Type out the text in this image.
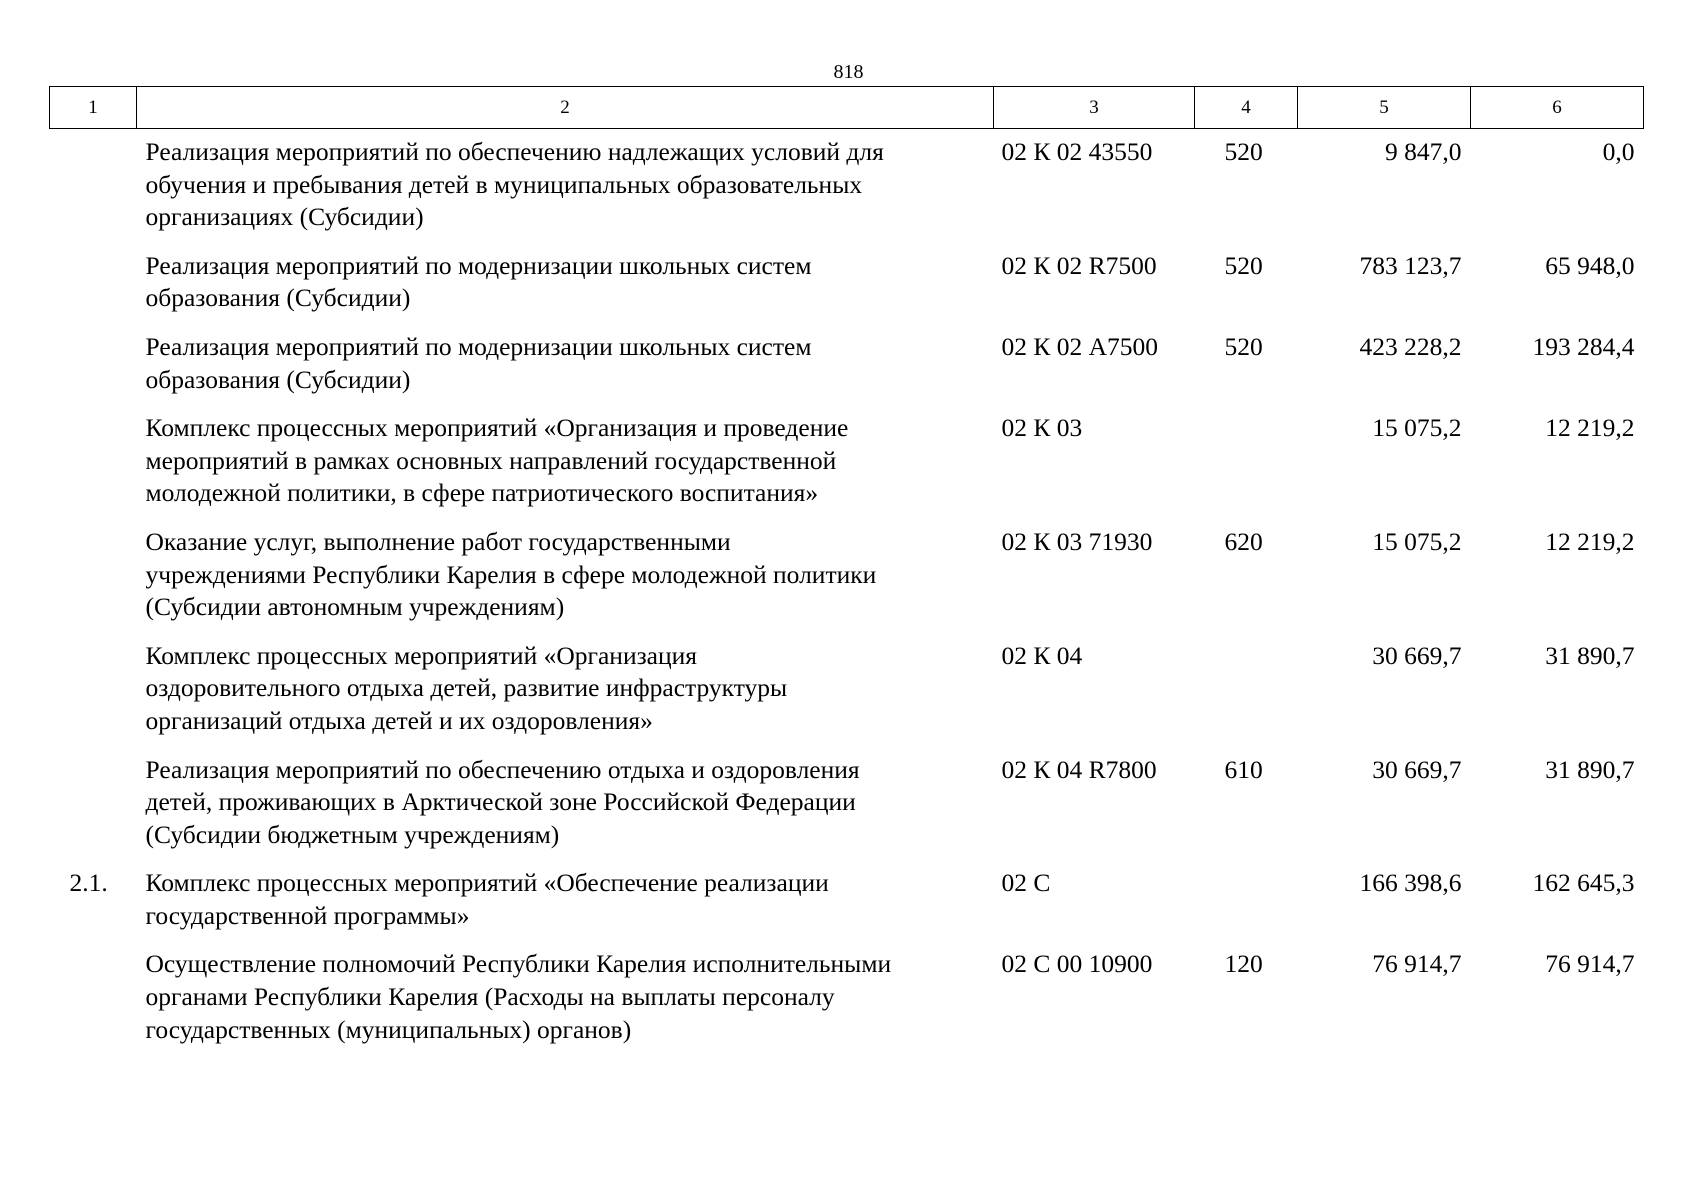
818
1	2	3	4	5	6
	Реализация мероприятий по обеспечению надлежащих условий для
обучения и пребывания детей в муниципальных образовательных
организациях (Субсидии)	02 К 02 43550	520	9 847,0	0,0
	Реализация мероприятий по модернизации школьных систем
образования (Субсидии)	02 К 02 R7500	520	783 123,7	65 948,0
	Реализация мероприятий по модернизации школьных систем
образования (Субсидии)	02 К 02 А7500	520	423 228,2	193 284,4
	Комплекс процессных мероприятий «Организация и проведение
мероприятий в рамках основных направлений государственной
молодежной политики, в сфере патриотического воспитания»	02 К 03		15 075,2	12 219,2
	Оказание услуг, выполнение работ государственными
учреждениями Республики Карелия в сфере молодежной политики
(Субсидии автономным учреждениям)	02 К 03 71930	620	15 075,2	12 219,2
	Комплекс процессных мероприятий «Организация
оздоровительного отдыха детей, развитие инфраструктуры
организаций отдыха детей и их оздоровления»	02 К 04		30 669,7	31 890,7
	Реализация мероприятий по обеспечению отдыха и оздоровления
детей, проживающих в Арктической зоне Российской Федерации
(Субсидии бюджетным учреждениям)	02 К 04 R7800	610	30 669,7	31 890,7
2.1.	Комплекс процессных мероприятий «Обеспечение реализации
государственной программы»	02 С		166 398,6	162 645,3
	Осуществление полномочий Республики Карелия исполнительными
органами Республики Карелия (Расходы на выплаты персоналу
государственных (муниципальных) органов)	02 С 00 10900	120	76 914,7	76 914,7
